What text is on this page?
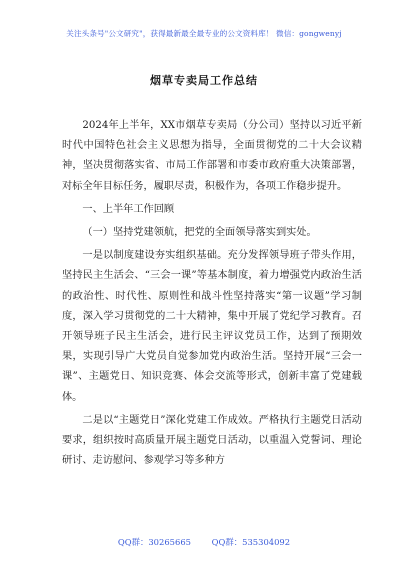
关注头条号"公文研究"，获得最新最全最专业的公文资料库！ 微信：gongwenyj
烟草专卖局工作总结

2024年上半年，XX市烟草专卖局（分公司）坚持以习近平新时代中国特色社会主义思想为指导，全面贯彻党的二十大会议精神，坚决贯彻落实省、市局工作部署和市委市政府重大决策部署，对标全年目标任务，履职尽责，积极作为，各项工作稳步提升。

一、上半年工作回顾

（一）坚持党建领航，把党的全面领导落实到实处。

一是以制度建设夯实组织基础。充分发挥领导班子带头作用，坚持民主生活会、“三会一课”等基本制度，着力增强党内政治生活的政治性、时代性、原则性和战斗性坚持落实“第一议题”学习制度，深入学习贯彻党的二十大精神，集中开展了党纪学习教育。召开领导班子民主生活会，进行民主评议党员工作，达到了预期效果，实现引导广大党员自觉参加党内政治生活。坚持开展“三会一课”、主题党日、知识竞赛、体会交流等形式，创新丰富了党建载体。

二是以“主题党日”深化党建工作成效。严格执行主题党日活动要求，组织按时高质量开展主题党日活动，以重温入党誓词、理论研讨、走访慰问、参观学习等多种方

QQ群：30265665 QQ群：535304092
